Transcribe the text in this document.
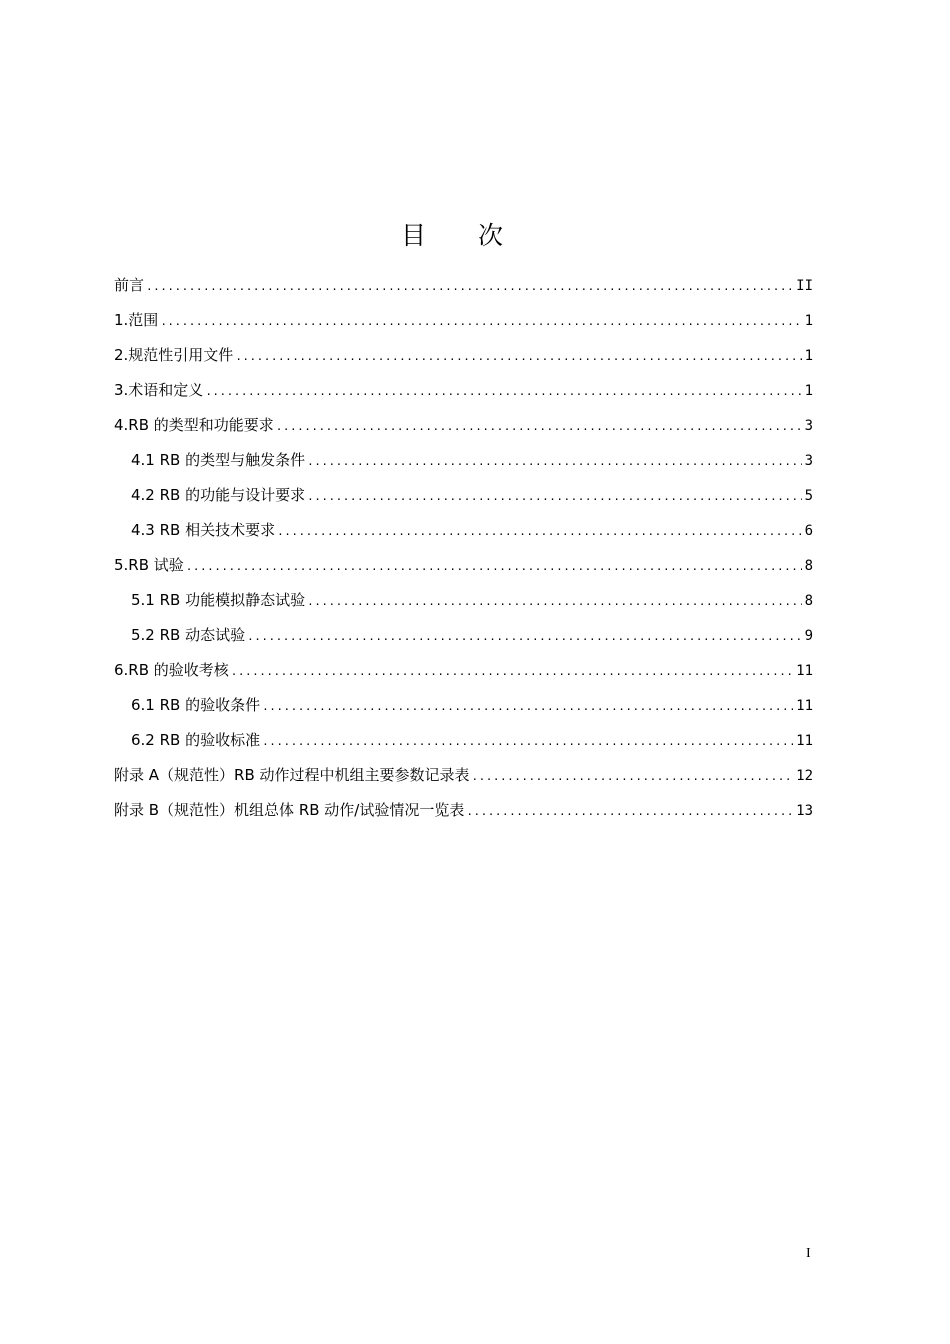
目 次
前言 .....	II
1.范围 .....	1
2.规范性引用文件 .....	1
3.术语和定义 .....	1
4.RB 的类型和功能要求 .....	3
4.1 RB 的类型与触发条件 .....	3
4.2 RB 的功能与设计要求 .....	5
4.3 RB 相关技术要求 .....	6
5.RB 试验 .....	8
5.1 RB 功能模拟静态试验 .....	8
5.2 RB 动态试验 .....	9
6.RB 的验收考核 .....	11
6.1 RB 的验收条件 .....	11
6.2 RB 的验收标准 .....	11
附录 A（规范性）RB 动作过程中机组主要参数记录表 .....	12
附录 B（规范性）机组总体 RB 动作/试验情况一览表 .....	13
I
